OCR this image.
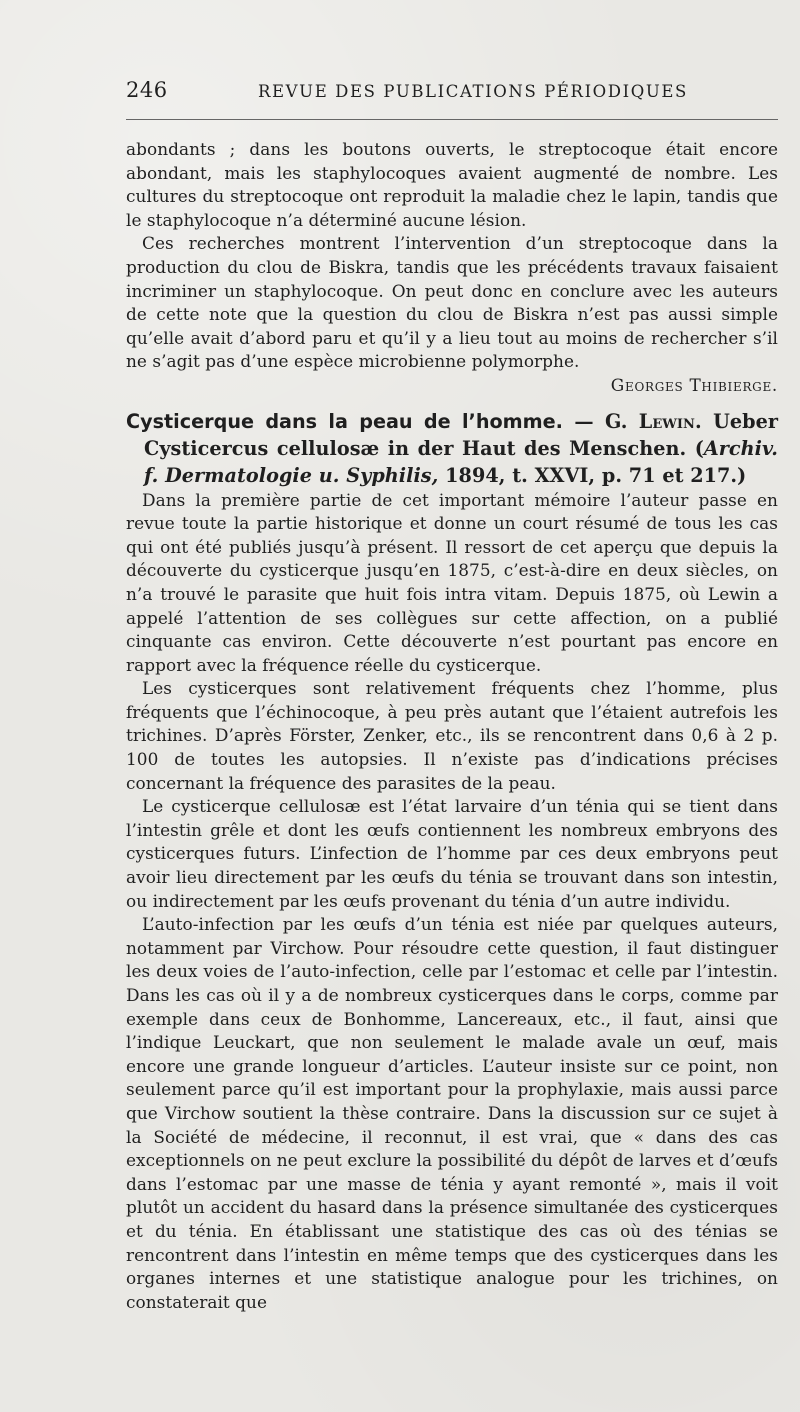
246	REVUE DES PUBLICATIONS PÉRIODIQUES

abondants ; dans les boutons ouverts, le streptocoque était encore abondant, mais les staphylocoques avaient augmenté de nombre. Les cultures du streptocoque ont reproduit la maladie chez le lapin, tandis que le staphylocoque n’a déterminé aucune lésion.

Ces recherches montrent l’intervention d’un streptocoque dans la production du clou de Biskra, tandis que les précédents travaux faisaient incriminer un staphylocoque. On peut donc en conclure avec les auteurs de cette note que la question du clou de Biskra n’est pas aussi simple qu’elle avait d’abord paru et qu’il y a lieu tout au moins de rechercher s’il ne s’agit pas d’une espèce microbienne polymorphe.

Georges Thibierge.

Cysticerque dans la peau de l’homme. — G. Lewin. Ueber Cysticercus cellulosæ in der Haut des Menschen. (Archiv. f. Dermatologie u. Syphilis, 1894, t. XXVI, p. 71 et 217.)

Dans la première partie de cet important mémoire l’auteur passe en revue toute la partie historique et donne un court résumé de tous les cas qui ont été publiés jusqu’à présent. Il ressort de cet aperçu que depuis la découverte du cysticerque jusqu’en 1875, c’est-à-dire en deux siècles, on n’a trouvé le parasite que huit fois intra vitam. Depuis 1875, où Lewin a appelé l’attention de ses collègues sur cette affection, on a publié cinquante cas environ. Cette découverte n’est pourtant pas encore en rapport avec la fréquence réelle du cysticerque.

Les cysticerques sont relativement fréquents chez l’homme, plus fréquents que l’échinocoque, à peu près autant que l’étaient autrefois les trichines. D’après Förster, Zenker, etc., ils se rencontrent dans 0,6 à 2 p. 100 de toutes les autopsies. Il n’existe pas d’indications précises concernant la fréquence des parasites de la peau.

Le cysticerque cellulosæ est l’état larvaire d’un ténia qui se tient dans l’intestin grêle et dont les œufs contiennent les nombreux embryons des cysticerques futurs. L’infection de l’homme par ces deux embryons peut avoir lieu directement par les œufs du ténia se trouvant dans son intestin, ou indirectement par les œufs provenant du ténia d’un autre individu.

L’auto-infection par les œufs d’un ténia est niée par quelques auteurs, notamment par Virchow. Pour résoudre cette question, il faut distinguer les deux voies de l’auto-infection, celle par l’estomac et celle par l’intestin. Dans les cas où il y a de nombreux cysticerques dans le corps, comme par exemple dans ceux de Bonhomme, Lancereaux, etc., il faut, ainsi que l’indique Leuckart, que non seulement le malade avale un œuf, mais encore une grande longueur d’articles. L’auteur insiste sur ce point, non seulement parce qu’il est important pour la prophylaxie, mais aussi parce que Virchow soutient la thèse contraire. Dans la discussion sur ce sujet à la Société de médecine, il reconnut, il est vrai, que « dans des cas exceptionnels on ne peut exclure la possibilité du dépôt de larves et d’œufs dans l’estomac par une masse de ténia y ayant remonté », mais il voit plutôt un accident du hasard dans la présence simultanée des cysticerques et du ténia. En établissant une statistique des cas où des ténias se rencontrent dans l’intestin en même temps que des cysticerques dans les organes internes et une statistique analogue pour les trichines, on constaterait que
